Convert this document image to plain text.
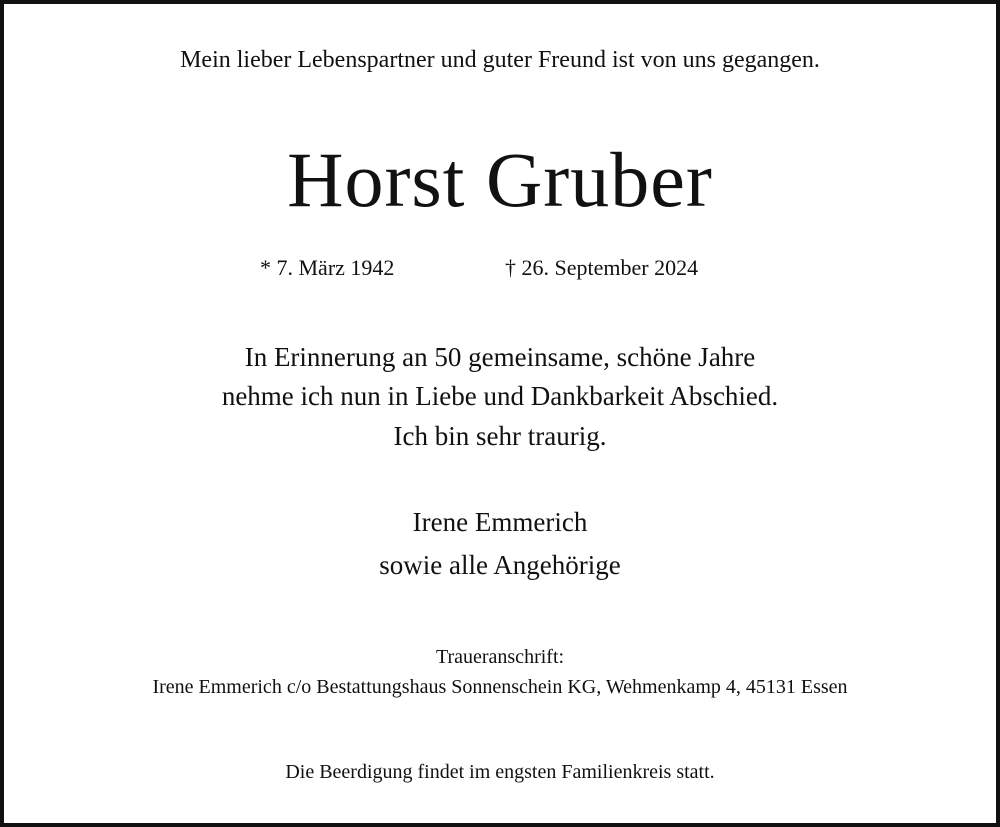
Mein lieber Lebenspartner und guter Freund ist von uns gegangen.
Horst Gruber
* 7. März 1942	† 26. September 2024
In Erinnerung an 50 gemeinsame, schöne Jahre
nehme ich nun in Liebe und Dankbarkeit Abschied.
Ich bin sehr traurig.
Irene Emmerich
sowie alle Angehörige
Traueranschrift:
Irene Emmerich c/o Bestattungshaus Sonnenschein KG, Wehmenkamp 4, 45131 Essen
Die Beerdigung findet im engsten Familienkreis statt.
